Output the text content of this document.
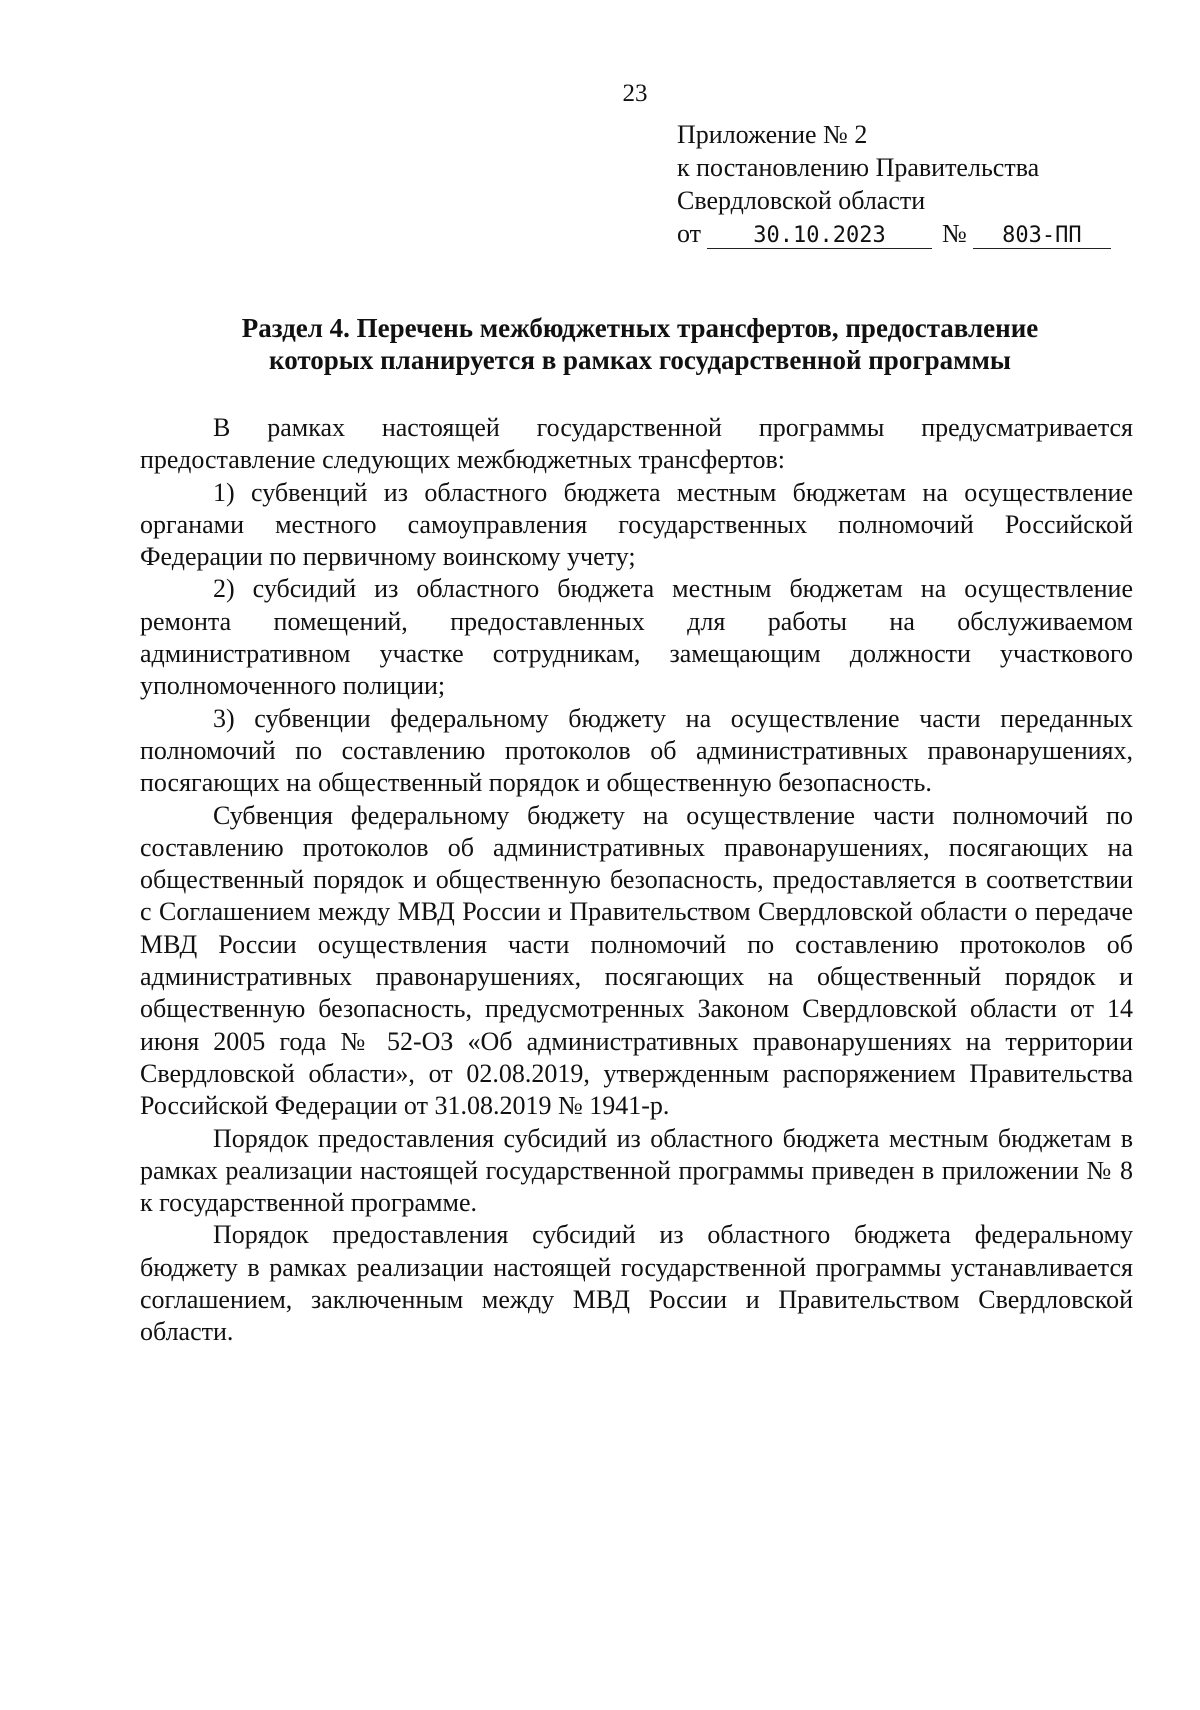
23
Приложение № 2
к постановлению Правительства
Свердловской области
от 30.10.2023 № 803-ПП
Раздел 4. Перечень межбюджетных трансфертов, предоставление
которых планируется в рамках государственной программы

В рамках настоящей государственной программы предусматривается предоставление следующих межбюджетных трансфертов:

1) субвенций из областного бюджета местным бюджетам на осуществление органами местного самоуправления государственных полномочий Российской Федерации по первичному воинскому учету;

2) субсидий из областного бюджета местным бюджетам на осуществление ремонта помещений, предоставленных для работы на обслуживаемом административном участке сотрудникам, замещающим должности участкового уполномоченного полиции;

3) субвенции федеральному бюджету на осуществление части переданных полномочий по составлению протоколов об административных правонарушениях, посягающих на общественный порядок и общественную безопасность.

Субвенция федеральному бюджету на осуществление части полномочий по составлению протоколов об административных правонарушениях, посягающих на общественный порядок и общественную безопасность, предоставляется в соответствии с Соглашением между МВД России и Правительством Свердловской области о передаче МВД России осуществления части полномочий по составлению протоколов об административных правонарушениях, посягающих на общественный порядок и общественную безопасность, предусмотренных Законом Свердловской области от 14 июня 2005 года № 52-ОЗ «Об административных правонарушениях на территории Свердловской области», от 02.08.2019, утвержденным распоряжением Правительства Российской Федерации от 31.08.2019 № 1941-р.

Порядок предоставления субсидий из областного бюджета местным бюджетам в рамках реализации настоящей государственной программы приведен в приложении № 8 к государственной программе.

Порядок предоставления субсидий из областного бюджета федеральному бюджету в рамках реализации настоящей государственной программы устанавливается соглашением, заключенным между МВД России и Правительством Свердловской области.
